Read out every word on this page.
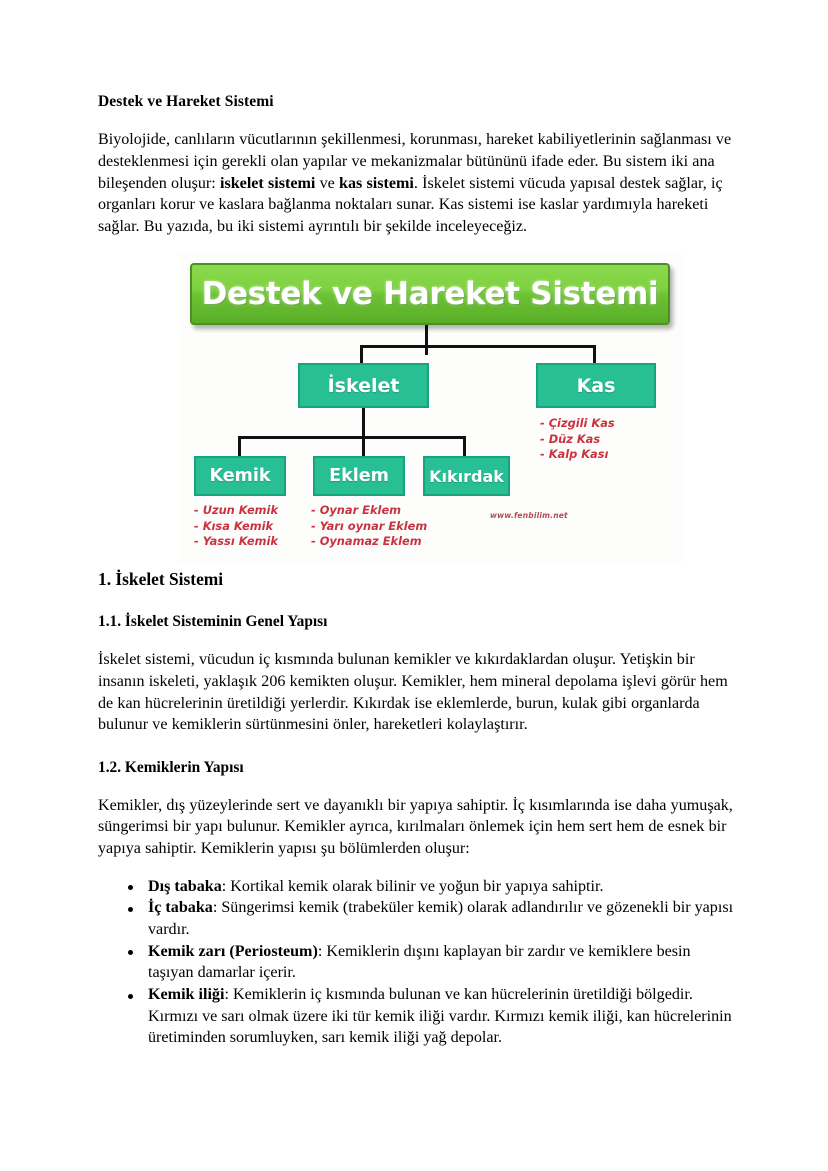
Destek ve Hareket Sistemi

Biyolojide, canlıların vücutlarının şekillenmesi, korunması, hareket kabiliyetlerinin sağlanması ve desteklenmesi için gerekli olan yapılar ve mekanizmalar bütününü ifade eder. Bu sistem iki ana bileşenden oluşur: iskelet sistemi ve kas sistemi. İskelet sistemi vücuda yapısal destek sağlar, iç organları korur ve kaslara bağlanma noktaları sunar. Kas sistemi ise kaslar yardımıyla hareketi sağlar. Bu yazıda, bu iki sistemi ayrıntılı bir şekilde inceleyeceğiz.

1. İskelet Sistemi
1.1. İskelet Sisteminin Genel Yapısı

İskelet sistemi, vücudun iç kısmında bulunan kemikler ve kıkırdaklardan oluşur. Yetişkin bir insanın iskeleti, yaklaşık 206 kemikten oluşur. Kemikler, hem mineral depolama işlevi görür hem de kan hücrelerinin üretildiği yerlerdir. Kıkırdak ise eklemlerde, burun, kulak gibi organlarda bulunur ve kemiklerin sürtünmesini önler, hareketleri kolaylaştırır.

1.2. Kemiklerin Yapısı

Kemikler, dış yüzeylerinde sert ve dayanıklı bir yapıya sahiptir. İç kısımlarında ise daha yumuşak, süngerimsi bir yapı bulunur. Kemikler ayrıca, kırılmaları önlemek için hem sert hem de esnek bir yapıya sahiptir. Kemiklerin yapısı şu bölümlerden oluşur:

Dış tabaka: Kortikal kemik olarak bilinir ve yoğun bir yapıya sahiptir.
İç tabaka: Süngerimsi kemik (trabeküler kemik) olarak adlandırılır ve gözenekli bir yapısı vardır.
Kemik zarı (Periosteum): Kemiklerin dışını kaplayan bir zardır ve kemiklere besin taşıyan damarlar içerir.
Kemik iliği: Kemiklerin iç kısmında bulunan ve kan hücrelerinin üretildiği bölgedir. Kırmızı ve sarı olmak üzere iki tür kemik iliği vardır. Kırmızı kemik iliği, kan hücrelerinin üretiminden sorumluyken, sarı kemik iliği yağ depolar.
Destek ve Hareket Sistemi
İskelet	Kas
Kemik	Eklem	Kıkırdak
- Çizgili Kas
- Düz Kas
- Kalp Kası
- Uzun Kemik
- Kısa Kemik
- Yassı Kemik
- Oynar Eklem
- Yarı oynar Eklem
- Oynamaz Eklem
www.fenbilim.net
